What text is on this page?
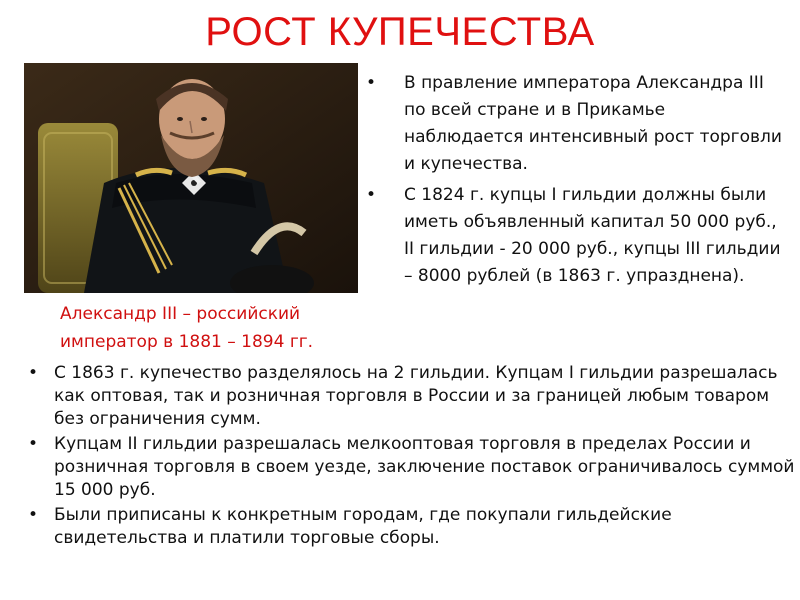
РОСТ КУПЕЧЕСТВА
Александр III – российский
император в 1881 – 1894 гг.
• В правление императора Александра III по всей стране и в Прикамье наблюдается интенсивный рост торговли и купечества.
• С 1824 г. купцы I гильдии должны были иметь объявленный капитал 50 000 руб., II гильдии - 20 000 руб., купцы III гильдии – 8000 рублей (в 1863 г. упразднена).
• С 1863 г. купечество разделялось на 2 гильдии. Купцам I гильдии разрешалась как оптовая, так и розничная торговля в России и за границей любым товаром без ограничения сумм.
• Купцам II гильдии разрешалась мелкооптовая торговля в пределах России и розничная торговля в своем уезде, заключение поставок ограничивалось суммой 15 000 руб.
• Были приписаны к конкретным городам, где покупали гильдейские свидетельства и платили торговые сборы.
